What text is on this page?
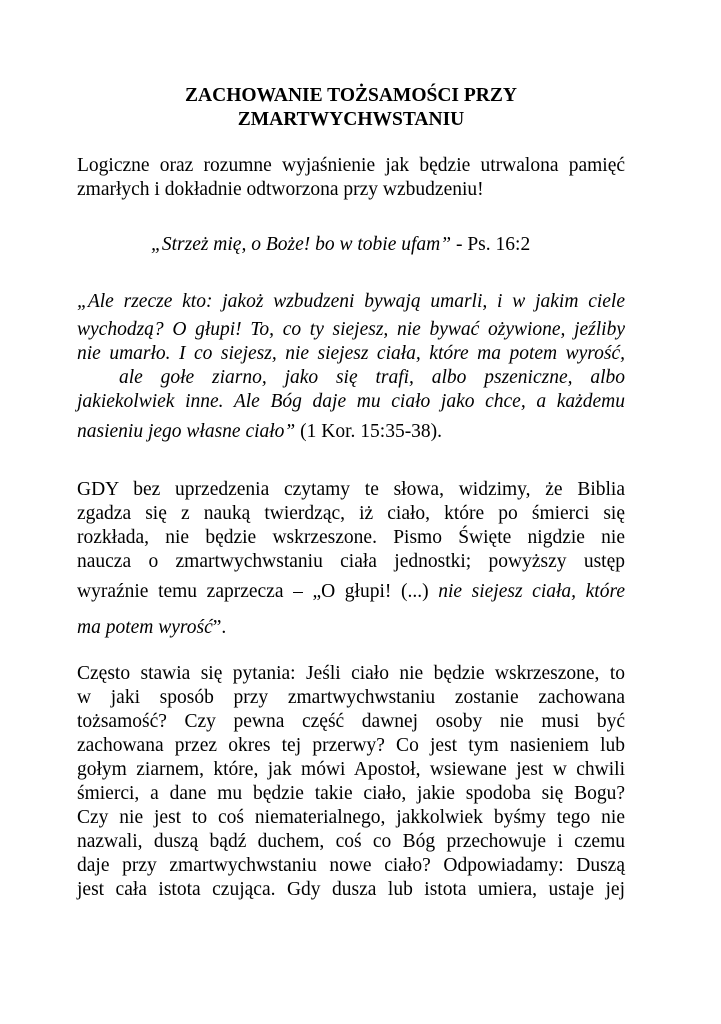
ZACHOWANIE TOŻSAMOŚCI PRZY
ZMARTWYCHWSTANIU
Logiczne oraz rozumne wyjaśnienie jak będzie utrwalona pamięć
zmarłych i dokładnie odtworzona przy wzbudzeniu!
„Strzeż mię, o Boże! bo w tobie ufam” - Ps. 16:2
„Ale rzecze kto: jakoż wzbudzeni bywają umarli, i w jakim ciele
wychodzą? O głupi! To, co ty siejesz, nie bywać ożywione, jeźliby
nie umarło. I co siejesz, nie siejesz ciała, które ma potem wyrość,
ale gołe ziarno, jako się trafi, albo pszeniczne, albo
jakiekolwiek inne. Ale Bóg daje mu ciało jako chce, a każdemu
nasieniu jego własne ciało” (1 Kor. 15:35-38).
GDY bez uprzedzenia czytamy te słowa, widzimy, że Biblia
zgadza się z nauką twierdząc, iż ciało, które po śmierci się
rozkłada, nie będzie wskrzeszone. Pismo Święte nigdzie nie
naucza o zmartwychwstaniu ciała jednostki; powyższy ustęp
wyraźnie temu zaprzecza – „O głupi! (...) nie siejesz ciała, które
ma potem wyrość”.
Często stawia się pytania: Jeśli ciało nie będzie wskrzeszone, to
w jaki sposób przy zmartwychwstaniu zostanie zachowana
tożsamość? Czy pewna część dawnej osoby nie musi być
zachowana przez okres tej przerwy? Co jest tym nasieniem lub
gołym ziarnem, które, jak mówi Apostoł, wsiewane jest w chwili
śmierci, a dane mu będzie takie ciało, jakie spodoba się Bogu?
Czy nie jest to coś niematerialnego, jakkolwiek byśmy tego nie
nazwali, duszą bądź duchem, coś co Bóg przechowuje i czemu
daje przy zmartwychwstaniu nowe ciało? Odpowiadamy: Duszą
jest cała istota czująca. Gdy dusza lub istota umiera, ustaje jej
